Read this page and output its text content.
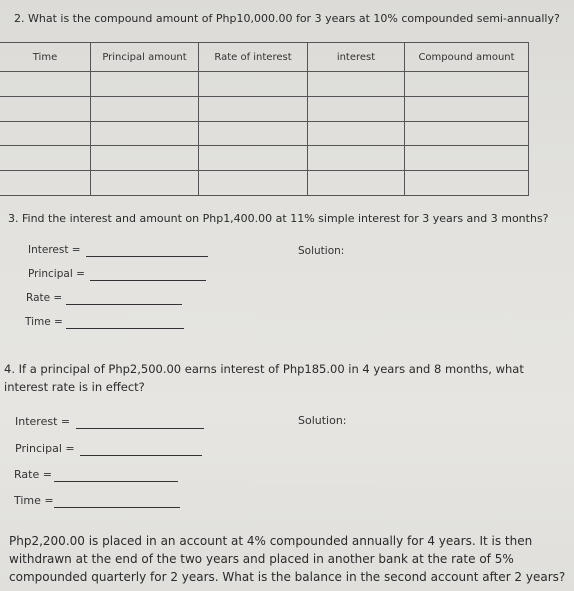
2. What is the compound amount of Php10,000.00 for 3 years at 10% compounded semi-annually?
Time	Principal amount	Rate of interest	interest	Compound amount

3. Find the interest and amount on Php1,400.00 at 11% simple interest for 3 years and 3 months?
Interest =
Principal =
Rate =
Time =
Solution:
4. If a principal of Php2,500.00 earns interest of Php185.00 in 4 years and 8 months, what interest rate is in effect?
Interest =
Principal =
Rate =
Time =
Solution:
Php2,200.00 is placed in an account at 4% compounded annually for 4 years. It is then withdrawn at the end of the two years and placed in another bank at the rate of 5% compounded quarterly for 2 years. What is the balance in the second account after 2 years?
